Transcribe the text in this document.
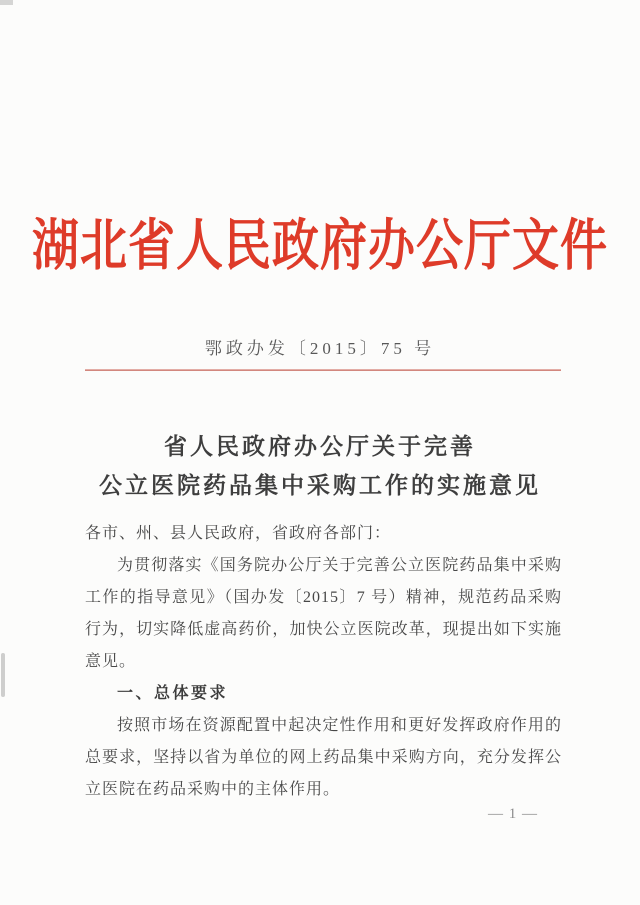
湖北省人民政府办公厅文件
鄂政办发〔2015〕75 号
省人民政府办公厅关于完善
公立医院药品集中采购工作的实施意见

各市、州、县人民政府，省政府各部门：

为贯彻落实《国务院办公厅关于完善公立医院药品集中采购工作的指导意见》（国办发〔2015〕7 号）精神，规范药品采购行为，切实降低虚高药价，加快公立医院改革，现提出如下实施意见。

一、总体要求

按照市场在资源配置中起决定性作用和更好发挥政府作用的总要求，坚持以省为单位的网上药品集中采购方向，充分发挥公立医院在药品采购中的主体作用。

— 1 —
